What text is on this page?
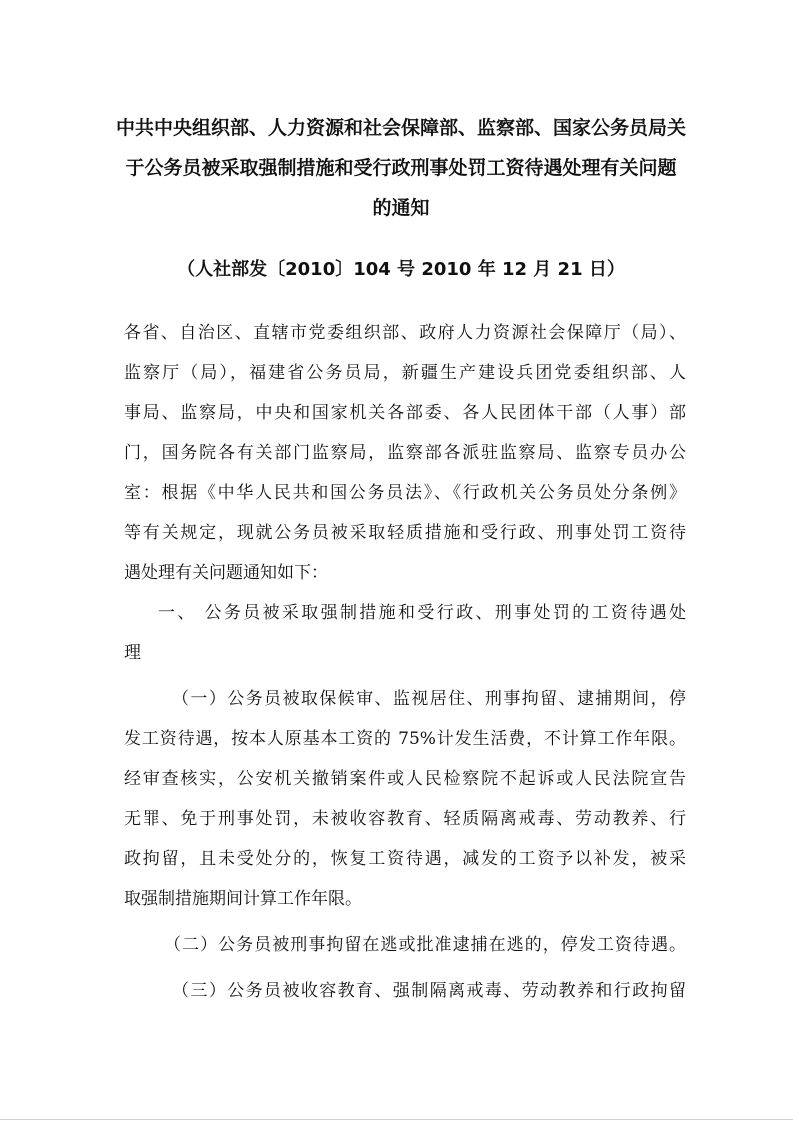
中共中央组织部、人力资源和社会保障部、监察部、国家公务员局关
于公务员被采取强制措施和受行政刑事处罚工资待遇处理有关问题
的通知
（人社部发〔2010〕104 号 2010 年 12 月 21 日）
各省、自治区、直辖市党委组织部、政府人力资源社会保障厅（局）、
监察厅（局），福建省公务员局，新疆生产建设兵团党委组织部、人
事局、监察局，中央和国家机关各部委、各人民团体干部（人事）部
门，国务院各有关部门监察局，监察部各派驻监察局、监察专员办公
室：根据《中华人民共和国公务员法》、《行政机关公务员处分条例》
等有关规定，现就公务员被采取轻质措施和受行政、刑事处罚工资待
遇处理有关问题通知如下：
一、 公务员被采取强制措施和受行政、刑事处罚的工资待遇处
理
（一）公务员被取保候审、监视居住、刑事拘留、逮捕期间，停
发工资待遇，按本人原基本工资的 75%计发生活费，不计算工作年限。
经审查核实，公安机关撤销案件或人民检察院不起诉或人民法院宣告
无罪、免于刑事处罚，未被收容教育、轻质隔离戒毒、劳动教养、行
政拘留，且未受处分的，恢复工资待遇，减发的工资予以补发，被采
取强制措施期间计算工作年限。
（二）公务员被刑事拘留在逃或批准逮捕在逃的，停发工资待遇。
（三）公务员被收容教育、强制隔离戒毒、劳动教养和行政拘留
